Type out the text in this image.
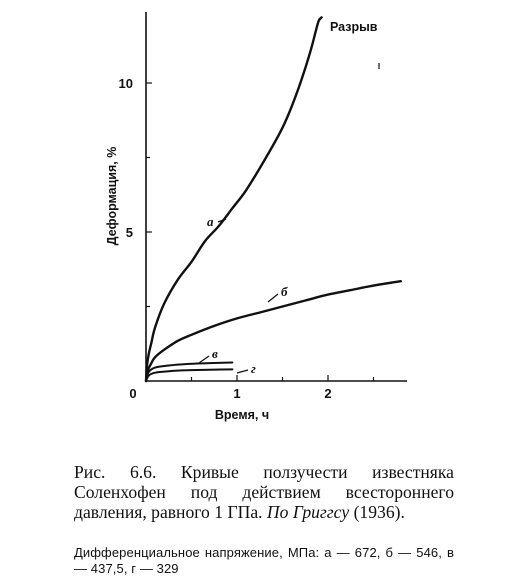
1	2
5
10
а
б
в
г
0
Время, ч
Деформация, %
Разрыв

Рис. 6.6. Кривые ползучести известняка Соленхофен под действием всестороннего давления, равного 1 ГПа. По Григгсу (1936).

Дифференциальное напряжение, МПа: а — 672, б — 546, в — 437,5, г — 329
